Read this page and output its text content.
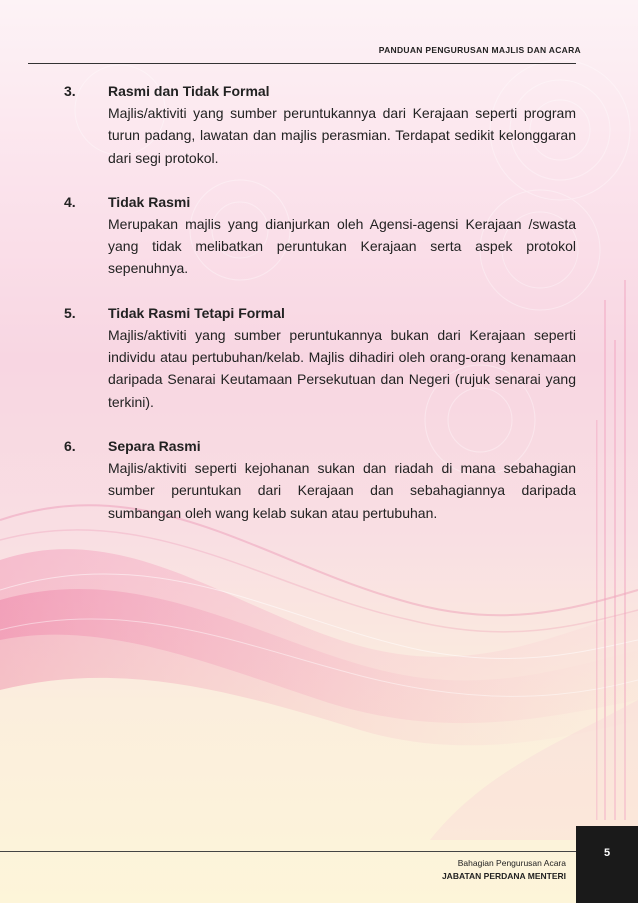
PANDUAN PENGURUSAN MAJLIS DAN ACARA
3. Rasmi dan Tidak Formal
Majlis/aktiviti yang sumber peruntukannya dari Kerajaan seperti program turun padang, lawatan dan majlis perasmian. Terdapat sedikit kelonggaran dari segi protokol.
4. Tidak Rasmi
Merupakan majlis yang dianjurkan oleh Agensi-agensi Kerajaan /swasta yang tidak melibatkan peruntukan Kerajaan serta aspek protokol sepenuhnya.
5. Tidak Rasmi Tetapi Formal
Majlis/aktiviti yang sumber peruntukannya bukan dari Kerajaan seperti individu atau pertubuhan/kelab. Majlis dihadiri oleh orang-orang kenamaan daripada Senarai Keutamaan Persekutuan dan Negeri (rujuk senarai yang terkini).
6. Separa Rasmi
Majlis/aktiviti seperti kejohanan sukan dan riadah di mana sebahagian sumber peruntukan dari Kerajaan dan sebahagiannya daripada sumbangan oleh wang kelab sukan atau pertubuhan.
Bahagian Pengurusan Acara
JABATAN PERDANA MENTERI
5
